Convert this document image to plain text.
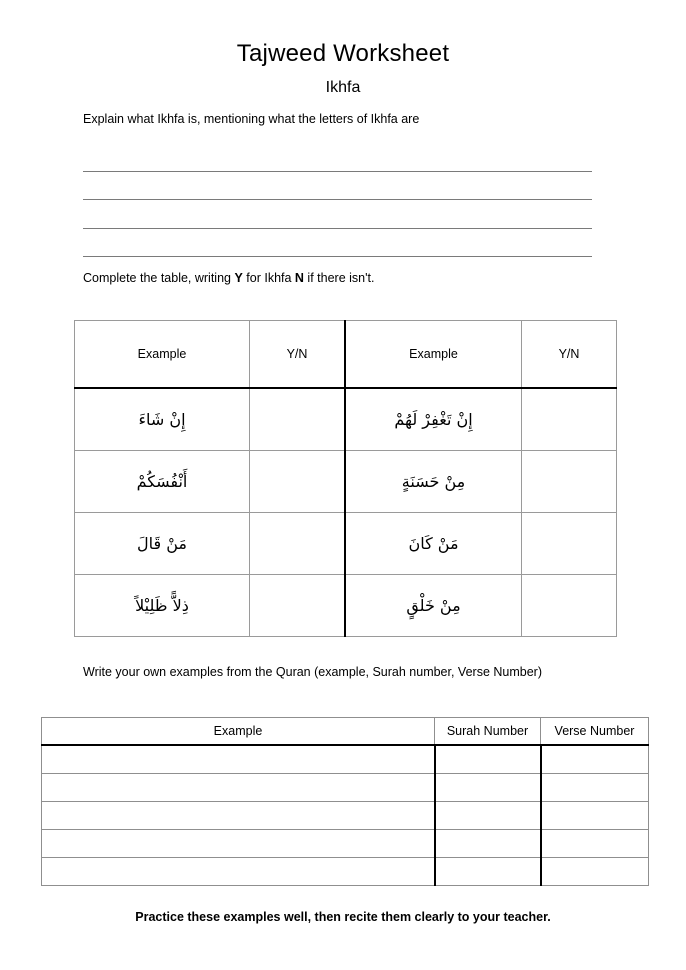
Tajweed Worksheet
Ikhfa
Explain what Ikhfa is, mentioning what the letters of Ikhfa are
Complete the table, writing Y for Ikhfa N if there isn't.
Example	Y/N	Example	Y/N
إِنْ شَاءَ		إِنْ تَغْفِرْ لَهُمْ	
أَنْفُسَكُمْ		مِنْ حَسَنَةٍ	
مَنْ قَالَ		مَنْ كَانَ	
ذِلاًّ ظَلِيْلاً		مِنْ خَلْقٍ	
Write your own examples from the Quran (example, Surah number, Verse Number)
Example	Surah Number	Verse Number

Practice these examples well, then recite them clearly to your teacher.
